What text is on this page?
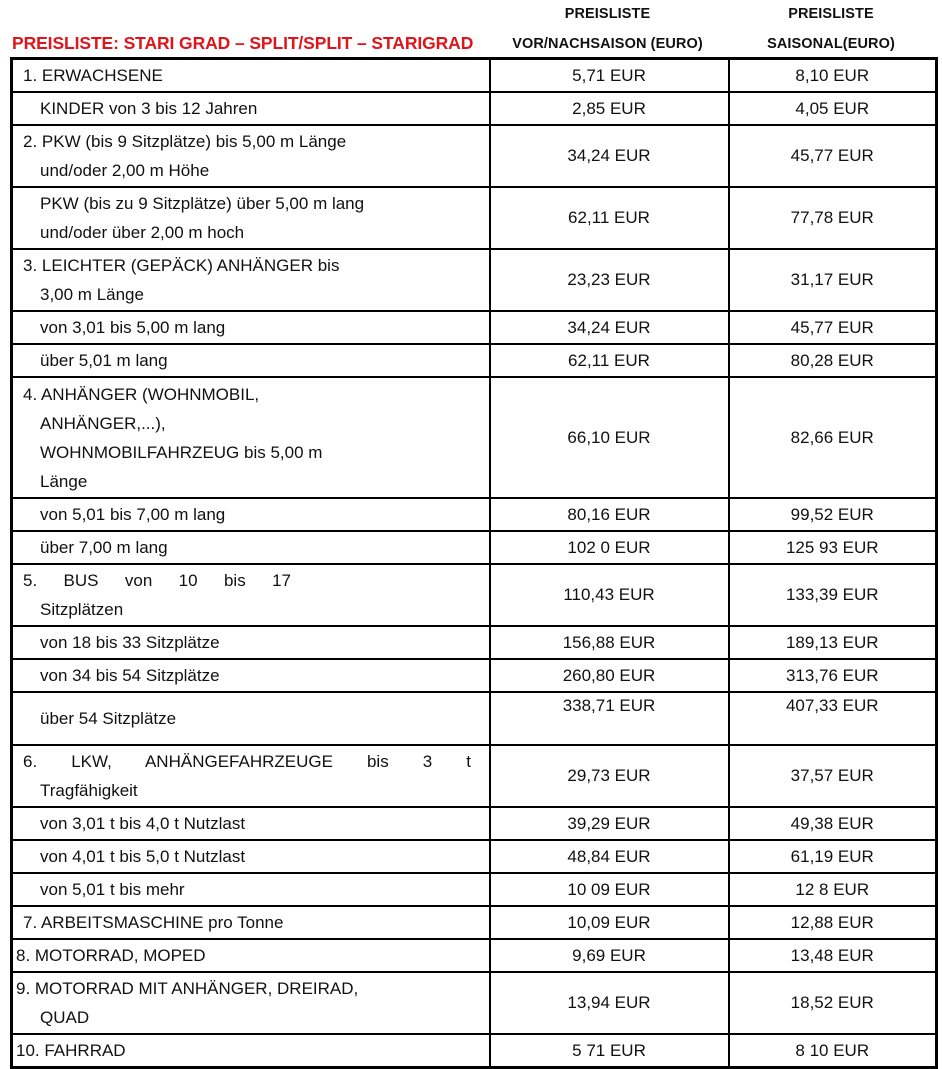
PREISLISTE: STARI GRAD – SPLIT/SPLIT – STARIGRAD
PREISLISTE
VOR/NACHSAISON (EURO)
PREISLISTE
SAISONAL(EURO)
1. ERWACHSENE	5,71 EUR	8,10 EUR

KINDER von 3 bis 12 Jahren	2,85 EUR	4,05 EUR

2. PKW (bis 9 Sitzplätze) bis 5,00 m Länge
und/oder 2,00 m Höhe	34,24 EUR	45,77 EUR

PKW (bis zu 9 Sitzplätze) über 5,00 m lang
und/oder über 2,00 m hoch	62,11 EUR	77,78 EUR

3. LEICHTER (GEPÄCK) ANHÄNGER bis
3,00 m Länge	23,23 EUR	31,17 EUR

von 3,01 bis 5,00 m lang	34,24 EUR	45,77 EUR

über 5,01 m lang	62,11 EUR	80,28 EUR

4. ANHÄNGER (WOHNMOBIL,
ANHÄNGER,...),
WOHNMOBILFAHRZEUG bis 5,00 m
Länge	66,10 EUR	82,66 EUR

von 5,01 bis 7,00 m lang	80,16 EUR	99,52 EUR

über 7,00 m lang	102 0 EUR	125 93 EUR

5. BUS von 10 bis 17
Sitzplätzen	110,43 EUR	133,39 EUR

von 18 bis 33 Sitzplätze	156,88 EUR	189,13 EUR

von 34 bis 54 Sitzplätze	260,80 EUR	313,76 EUR

über 54 Sitzplätze	338,71 EUR	407,33 EUR

6. LKW, ANHÄNGEFAHRZEUGE bis 3 t
Tragfähigkeit	29,73 EUR	37,57 EUR

von 3,01 t bis 4,0 t Nutzlast	39,29 EUR	49,38 EUR

von 4,01 t bis 5,0 t Nutzlast	48,84 EUR	61,19 EUR

von 5,01 t bis mehr	10 09 EUR	12 8 EUR

7. ARBEITSMASCHINE pro Tonne	10,09 EUR	12,88 EUR

8. MOTORRAD, MOPED	9,69 EUR	13,48 EUR

9. MOTORRAD MIT ANHÄNGER, DREIRAD,
QUAD	13,94 EUR	18,52 EUR

10. FAHRRAD	5 71 EUR	8 10 EUR
